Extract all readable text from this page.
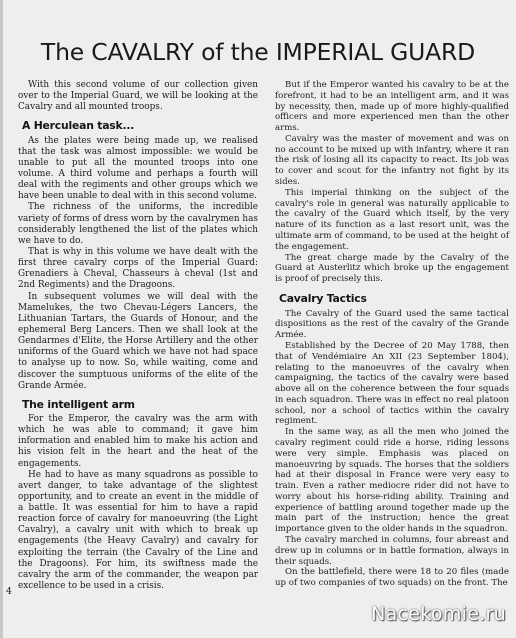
The CAVALRY of the IMPERIAL GUARD

With this second volume of our collection given over to the Imperial Guard, we will be looking at the Cavalry and all mounted troops.

A Herculean task...

As the plates were being made up, we realised that the task was almost impossible: we would be unable to put all the mounted troops into one volume. A third volume and perhaps a fourth will deal with the regiments and other groups which we have been unable to deal with in this second volume.

The richness of the uniforms, the incredible variety of forms of dress worn by the cavalrymen has considerably lengthened the list of the plates which we have to do.

That is why in this volume we have dealt with the first three cavalry corps of the Imperial Guard: Grenadiers à Cheval, Chasseurs à cheval (1st and 2nd Regiments) and the Dragoons.

In subsequent volumes we will deal with the Mamelukes, the two Chevau-Légers Lancers, the Lithuanian Tartars, the Guards of Honour, and the ephemeral Berg Lancers. Then we shall look at the Gendarmes d'Elite, the Horse Artillery and the other uniforms of the Guard which we have not had space to analyse up to now. So, while waiting, come and discover the sumptuous uniforms of the elite of the Grande Armée.

The intelligent arm

For the Emperor, the cavalry was the arm with which he was able to command; it gave him information and enabled him to make his action and his vision felt in the heart and the heat of the engagements.

He had to have as many squadrons as possible to avert danger, to take advantage of the slightest opportunity, and to create an event in the middle of a battle. It was essential for him to have a rapid reaction force of cavalry for manoeuvring (the Light Cavalry), a cavalry unit with which to break up engagements (the Heavy Cavalry) and cavalry for exploiting the terrain (the Cavalry of the Line and the Dragoons). For him, its swiftness made the cavalry the arm of the commander, the weapon par excellence to be used in a crisis.

But if the Emperor wanted his cavalry to be at the forefront, it had to be an intelligent arm, and it was by necessity, then, made up of more highly-qualified officers and more experienced men than the other arms.

Cavalry was the master of movement and was on no account to be mixed up with infantry, where it ran the risk of losing all its capacity to react. Its job was to cover and scout for the infantry not fight by its sides.

This imperial thinking on the subject of the cavalry's role in general was naturally applicable to the cavalry of the Guard which itself, by the very nature of its function as a last resort unit, was the ultimate arm of command, to be used at the height of the engagement.

The great charge made by the Cavalry of the Guard at Austerlitz which broke up the engagement is proof of precisely this.

Cavalry Tactics

The Cavalry of the Guard used the same tactical dispositions as the rest of the cavalry of the Grande Armée.

Established by the Decree of 20 May 1788, then that of Vendémiaire An XII (23 September 1804), relating to the manoeuvres of the cavalry when campaigning, the tactics of the cavalry were based above all on the coherence between the four squads in each squadron. There was in effect no real platoon school, nor a school of tactics within the cavalry regiment.

In the same way, as all the men who joined the cavalry regiment could ride a horse, riding lessons were very simple. Emphasis was placed on manoeuvring by squads. The horses that the soldiers had at their disposal in France were very easy to train. Even a rather mediocre rider did not have to worry about his horse-riding ability. Training and experience of battling around together made up the main part of the instruction; hence the great importance given to the older hands in the squadron.

The cavalry marched in columns, four abreast and drew up in columns or in battle formation, always in their squads.

On the battlefield, there were 18 to 20 files (made up of two companies of two squads) on the front. The

4
Nacekomie.ru
